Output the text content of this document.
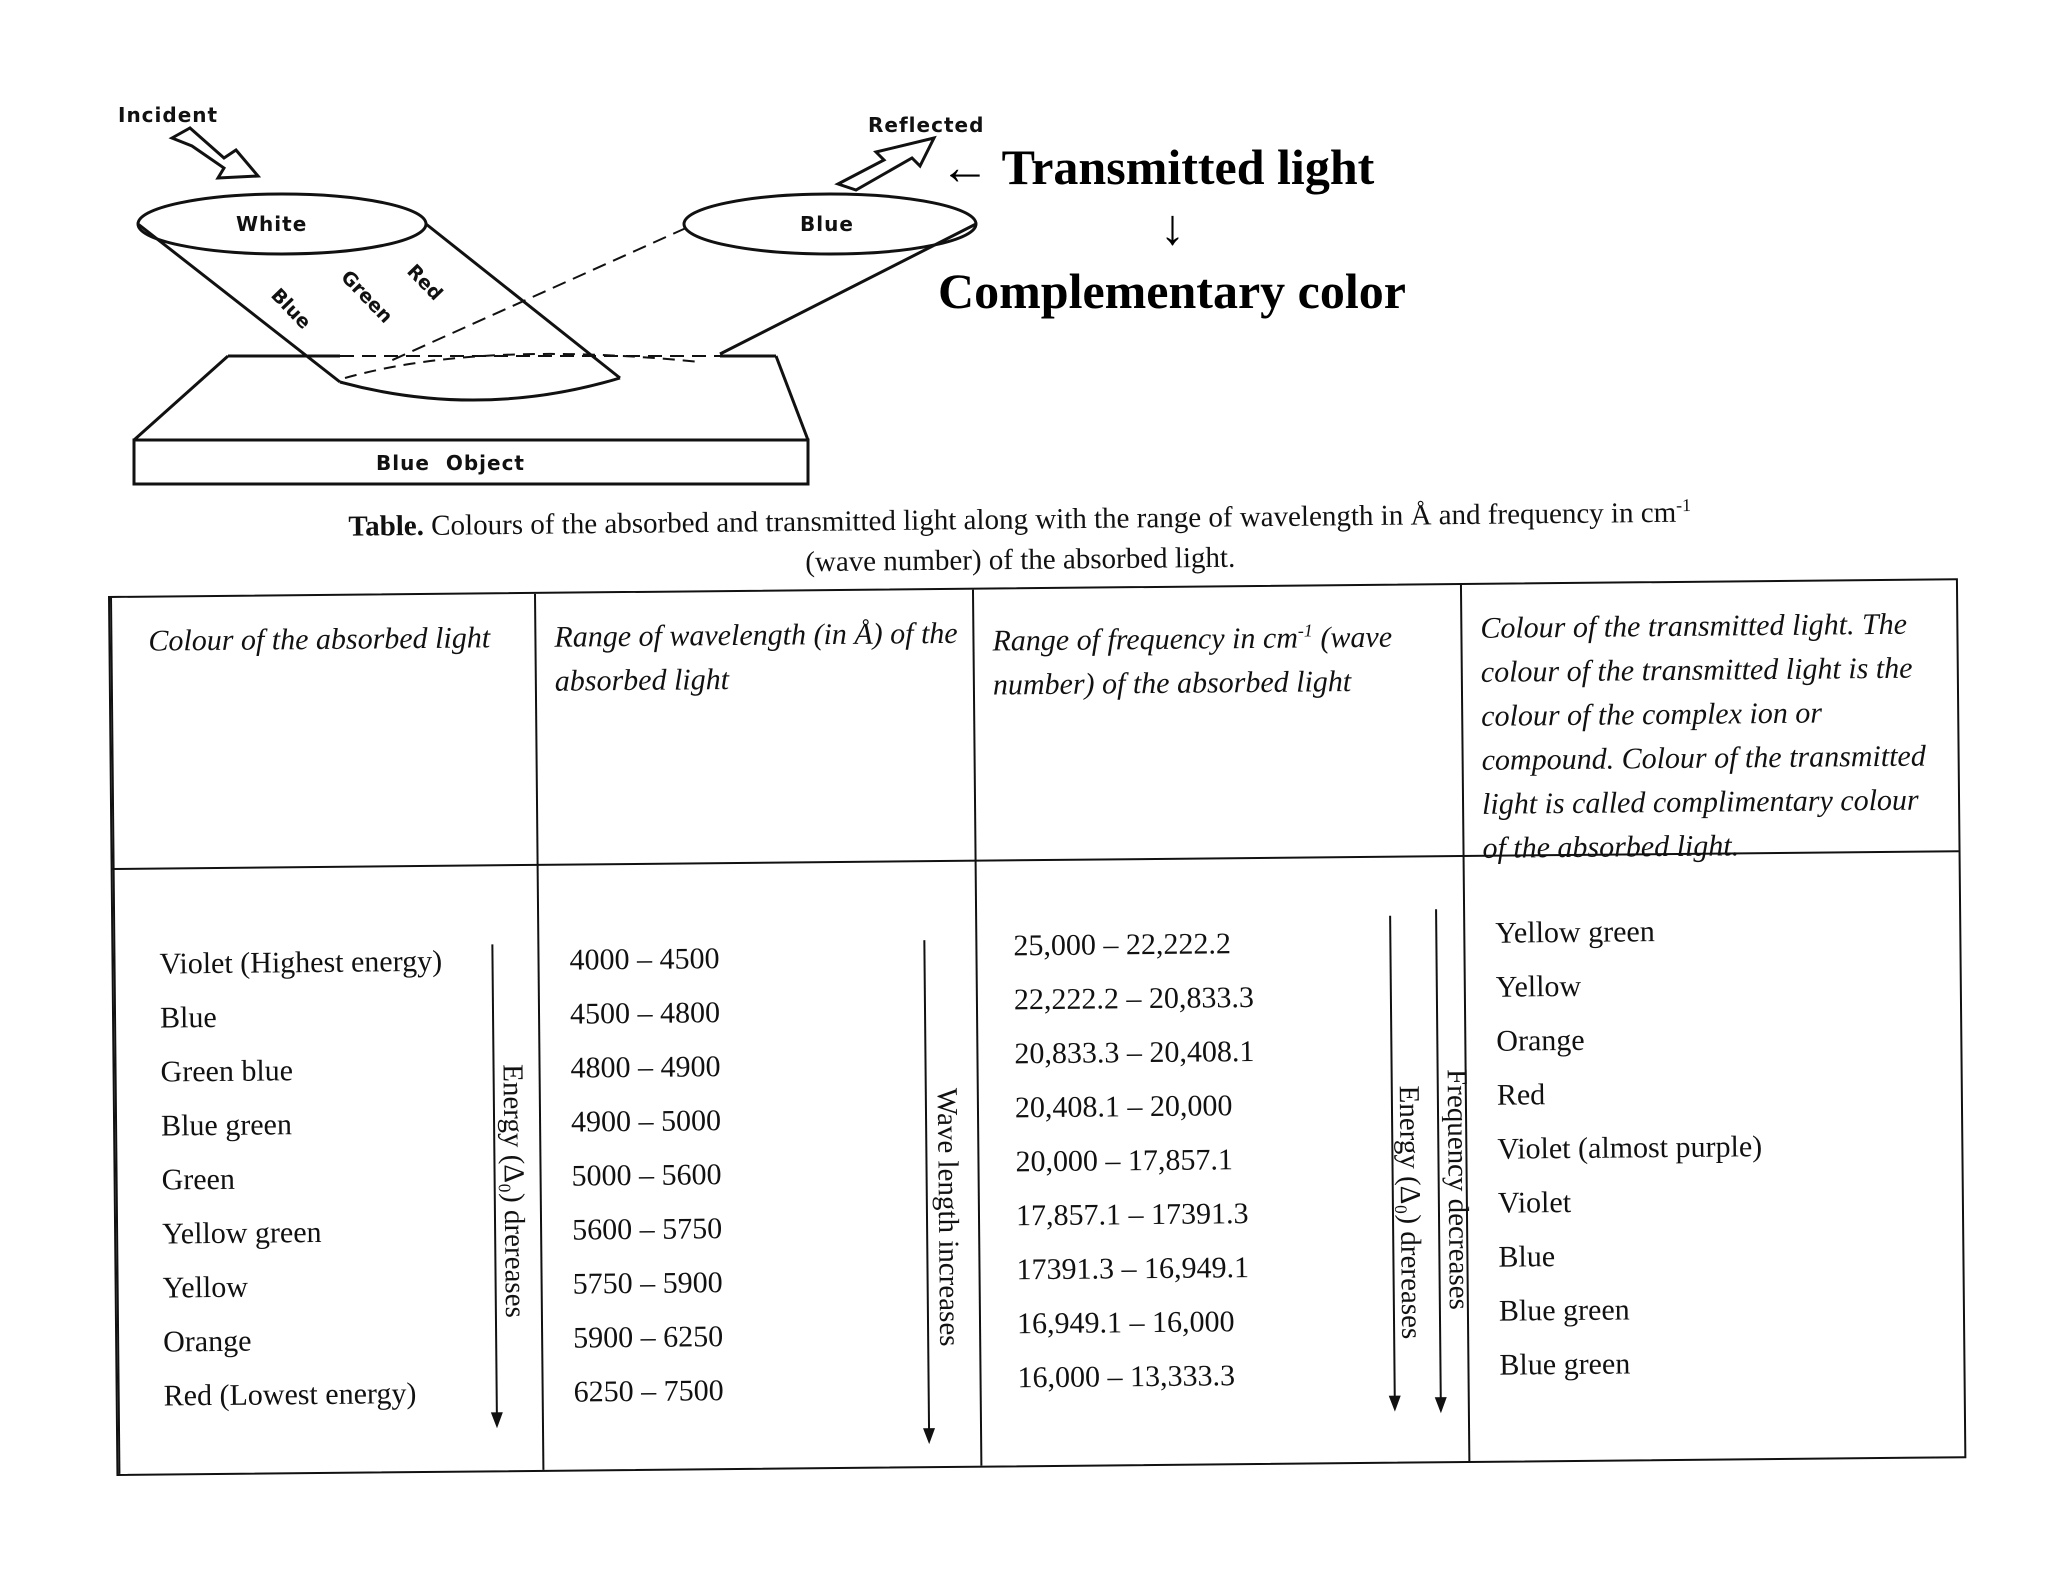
Incident	Reflected
White	Blue
Red
Green
Blue
Blue  Object
← Transmitted light
↓
Complementary color
Table. Colours of the absorbed and transmitted light along with the range of wavelength in Å and frequency in $cm^{-1}$
(wave number) of the absorbed light.
Colour of the absorbed light
Violet (Highest energy)
Blue
Green blue
Blue green
Green
Yellow green
Yellow
Orange
Red (Lowest energy)
Energy (Δ₀) drereases
Range of wavelength (in Å) of the absorbed light
4000 – 4500
4500 – 4800
4800 – 4900
4900 – 5000
5000 – 5600
5600 – 5750
5750 – 5900
5900 – 6250
6250 – 7500
Wave length increases
Range of frequency in $cm^{-1}$ (wave number) of the absorbed light
25,000 – 22,222.2
22,222.2 – 20,833.3
20,833.3 – 20,408.1
20,408.1 – 20,000
20,000 – 17,857.1
17,857.1 – 17391.3
17391.3 – 16,949.1
16,949.1 – 16,000
16,000 – 13,333.3
Energy (Δ₀) drereases Frequency decreases
Colour of the transmitted light. The colour of the transmitted light is the colour of the complex ion or compound. Colour of the transmitted light is called complimentary colour of the absorbed light.
Yellow green
Yellow
Orange
Red
Violet (almost purple)
Violet
Blue
Blue green
Blue green
